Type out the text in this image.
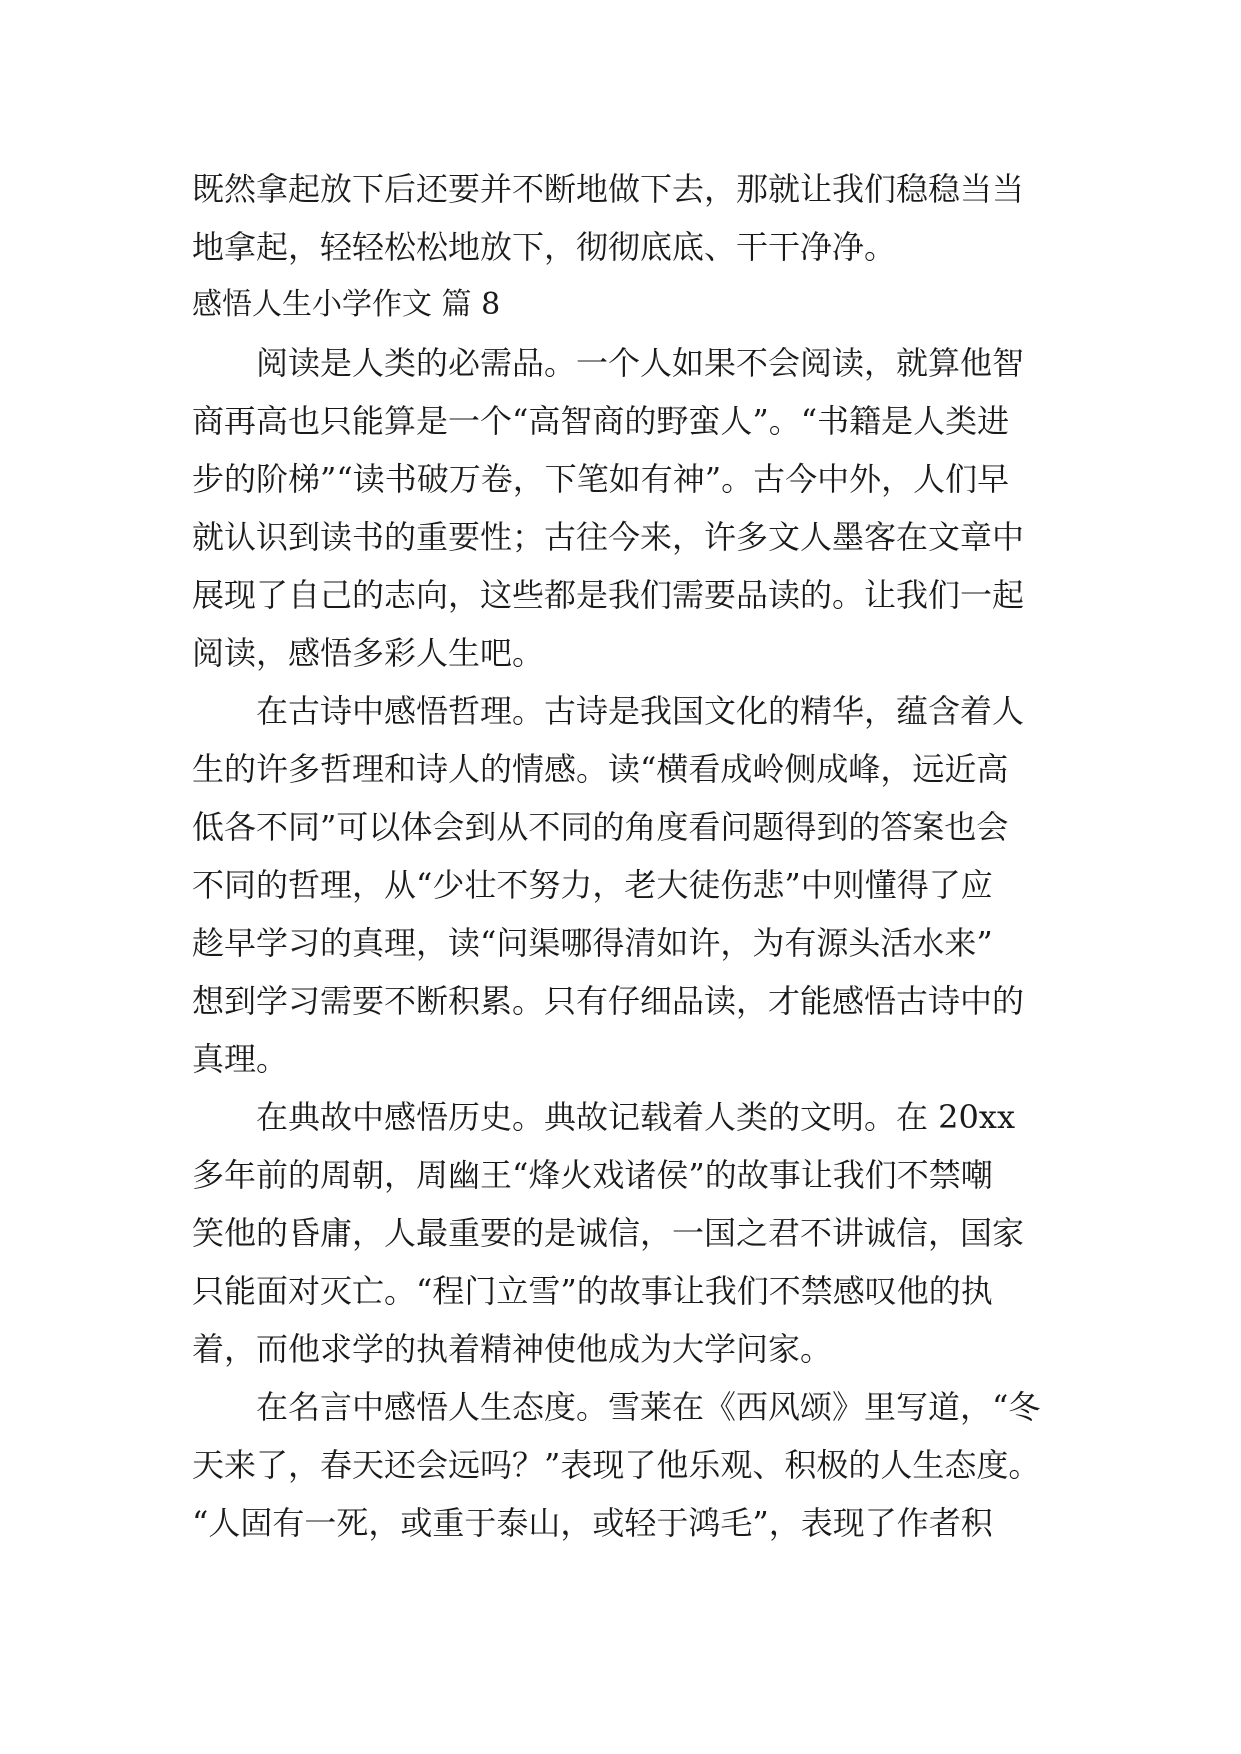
既然拿起放下后还要并不断地做下去，那就让我们稳稳当当
地拿起，轻轻松松地放下，彻彻底底、干干净净。
感悟人生小学作文 篇 8
阅读是人类的必需品。一个人如果不会阅读，就算他智
商再高也只能算是一个“高智商的野蛮人”。“书籍是人类进
步的阶梯”“读书破万卷，下笔如有神”。古今中外，人们早
就认识到读书的重要性；古往今来，许多文人墨客在文章中
展现了自己的志向，这些都是我们需要品读的。让我们一起
阅读，感悟多彩人生吧。
在古诗中感悟哲理。古诗是我国文化的精华，蕴含着人
生的许多哲理和诗人的情感。读“横看成岭侧成峰，远近高
低各不同”可以体会到从不同的角度看问题得到的答案也会
不同的哲理，从“少壮不努力，老大徒伤悲”中则懂得了应
趁早学习的真理，读“问渠哪得清如许，为有源头活水来”
想到学习需要不断积累。只有仔细品读，才能感悟古诗中的
真理。
在典故中感悟历史。典故记载着人类的文明。在 20xx
多年前的周朝，周幽王“烽火戏诸侯”的故事让我们不禁嘲
笑他的昏庸，人最重要的是诚信，一国之君不讲诚信，国家
只能面对灭亡。“程门立雪”的故事让我们不禁感叹他的执
着，而他求学的执着精神使他成为大学问家。
在名言中感悟人生态度。雪莱在《西风颂》里写道，“冬
天来了，春天还会远吗？”表现了他乐观、积极的人生态度。
“人固有一死，或重于泰山，或轻于鸿毛”，表现了作者积
